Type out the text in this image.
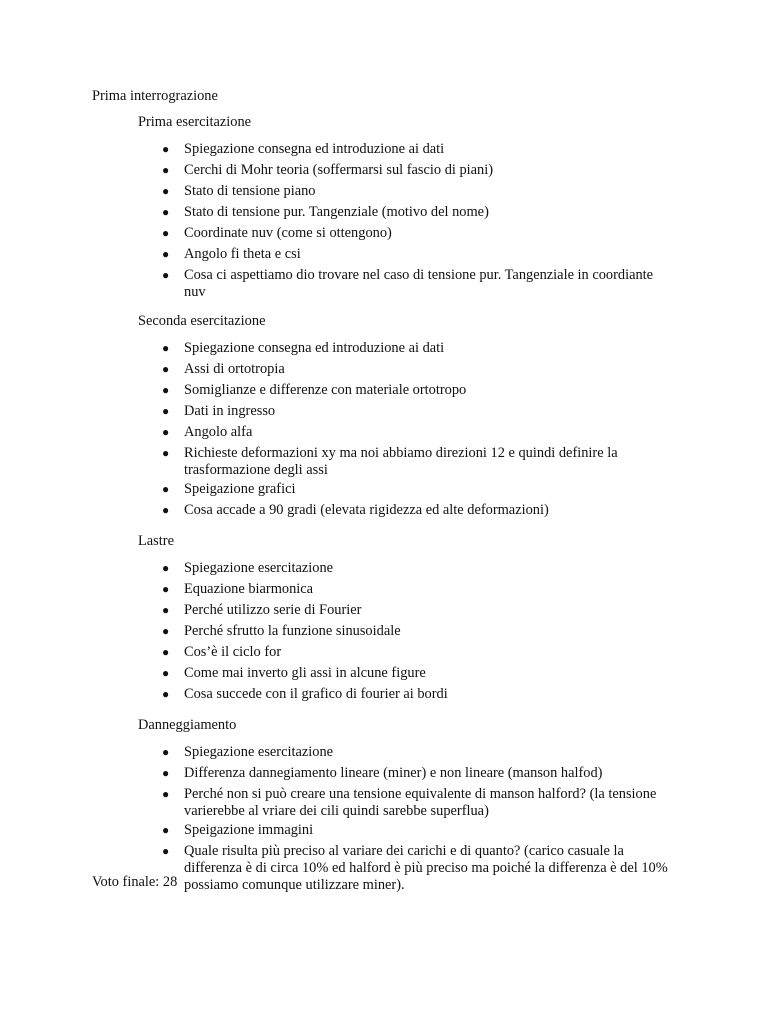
Prima interrograzione

Prima esercitazione

● Spiegazione consegna ed introduzione ai dati
● Cerchi di Mohr teoria (soffermarsi sul fascio di piani)
● Stato di tensione piano
● Stato di tensione pur. Tangenziale (motivo del nome)
● Coordinate nuv (come si ottengono)
● Angolo fi theta e csi
● Cosa ci aspettiamo dio trovare nel caso di tensione pur. Tangenziale in coordiante nuv

Seconda esercitazione

● Spiegazione consegna ed introduzione ai dati
● Assi di ortotropia
● Somiglianze e differenze con materiale ortotropo
● Dati in ingresso
● Angolo alfa
● Richieste deformazioni xy ma noi abbiamo direzioni 12 e quindi definire la trasformazione degli assi
● Speigazione grafici
● Cosa accade a 90 gradi (elevata rigidezza ed alte deformazioni)

Lastre

● Spiegazione esercitazione
● Equazione biarmonica
● Perché utilizzo serie di Fourier
● Perché sfrutto la funzione sinusoidale
● Cos’è il ciclo for
● Come mai inverto gli assi in alcune figure
● Cosa succede con il grafico di fourier ai bordi

Danneggiamento

● Spiegazione esercitazione
● Differenza dannegiamento lineare (miner) e non lineare (manson halfod)
● Perché non si può creare una tensione equivalente di manson halford? (la tensione varierebbe al vriare dei cili quindi sarebbe superflua)
● Speigazione immagini
● Quale risulta più preciso al variare dei carichi e di quanto? (carico casuale la differenza è di circa 10% ed halford è più preciso ma poiché la differenza è del 10% possiamo comunque utilizzare miner).

Voto finale: 28
